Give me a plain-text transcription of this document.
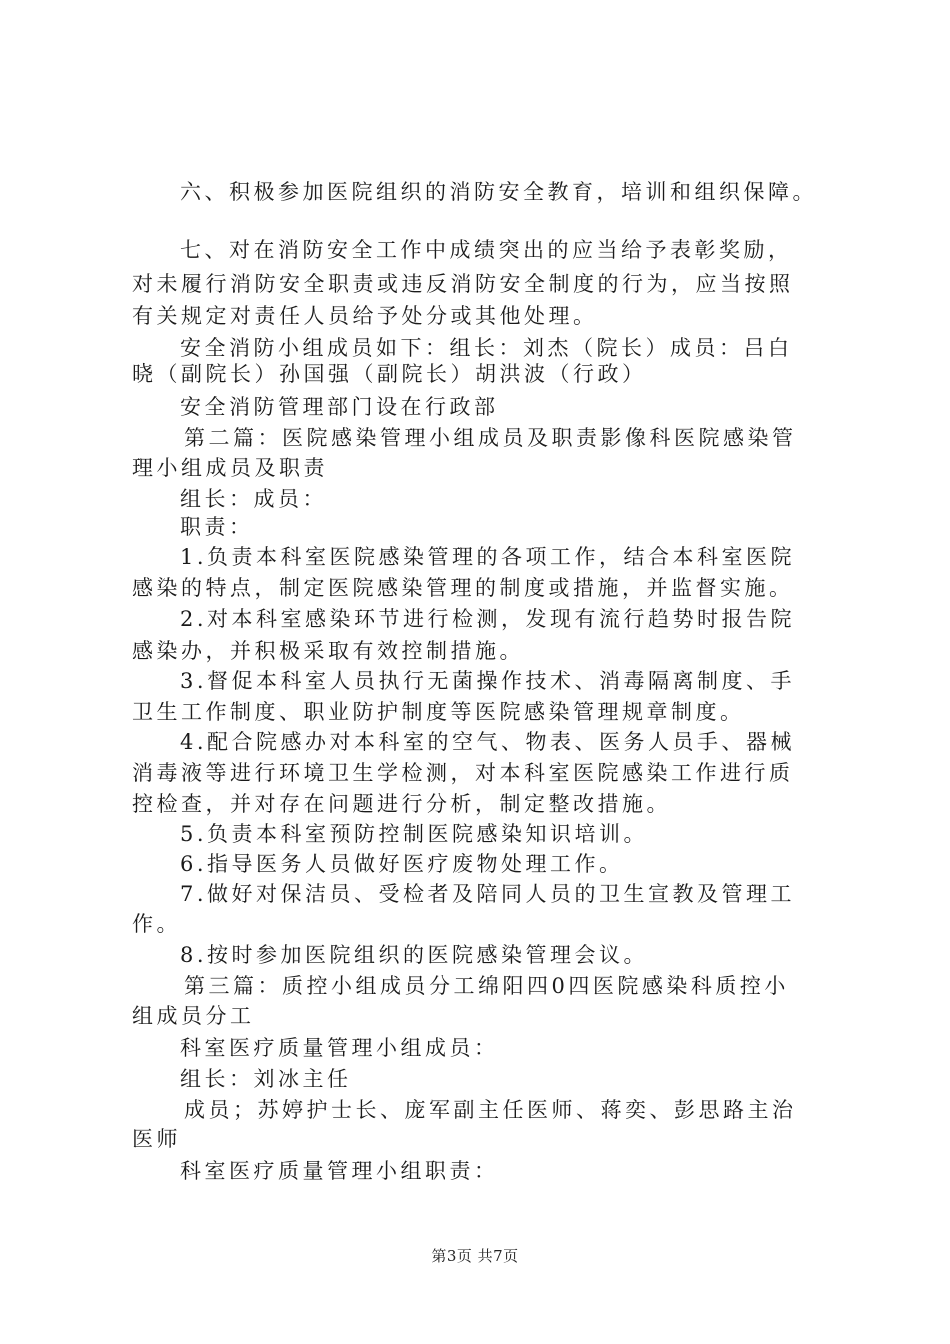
六、积极参加医院组织的消防安全教育，培训和组织保障。
七、对在消防安全工作中成绩突出的应当给予表彰奖励，
对未履行消防安全职责或违反消防安全制度的行为，应当按照
有关规定对责任人员给予处分或其他处理。
安全消防小组成员如下：组长：刘杰（院长）成员：吕白
晓（副院长）孙国强（副院长）胡洪波（行政）
安全消防管理部门设在行政部
第二篇：医院感染管理小组成员及职责影像科医院感染管
理小组成员及职责
组长：成员：
职责：
1.负责本科室医院感染管理的各项工作，结合本科室医院
感染的特点，制定医院感染管理的制度或措施，并监督实施。
2.对本科室感染环节进行检测，发现有流行趋势时报告院
感染办，并积极采取有效控制措施。
3.督促本科室人员执行无菌操作技术、消毒隔离制度、手
卫生工作制度、职业防护制度等医院感染管理规章制度。
4.配合院感办对本科室的空气、物表、医务人员手、器械
消毒液等进行环境卫生学检测，对本科室医院感染工作进行质
控检查，并对存在问题进行分析，制定整改措施。
5.负责本科室预防控制医院感染知识培训。
6.指导医务人员做好医疗废物处理工作。
7.做好对保洁员、受检者及陪同人员的卫生宣教及管理工
作。
8.按时参加医院组织的医院感染管理会议。
第三篇：质控小组成员分工绵阳四0四医院感染科质控小
组成员分工
科室医疗质量管理小组成员：
组长：刘冰主任
成员；苏婷护士长、庞军副主任医师、蒋奕、彭思路主治
医师
科室医疗质量管理小组职责：
第3页 共7页
